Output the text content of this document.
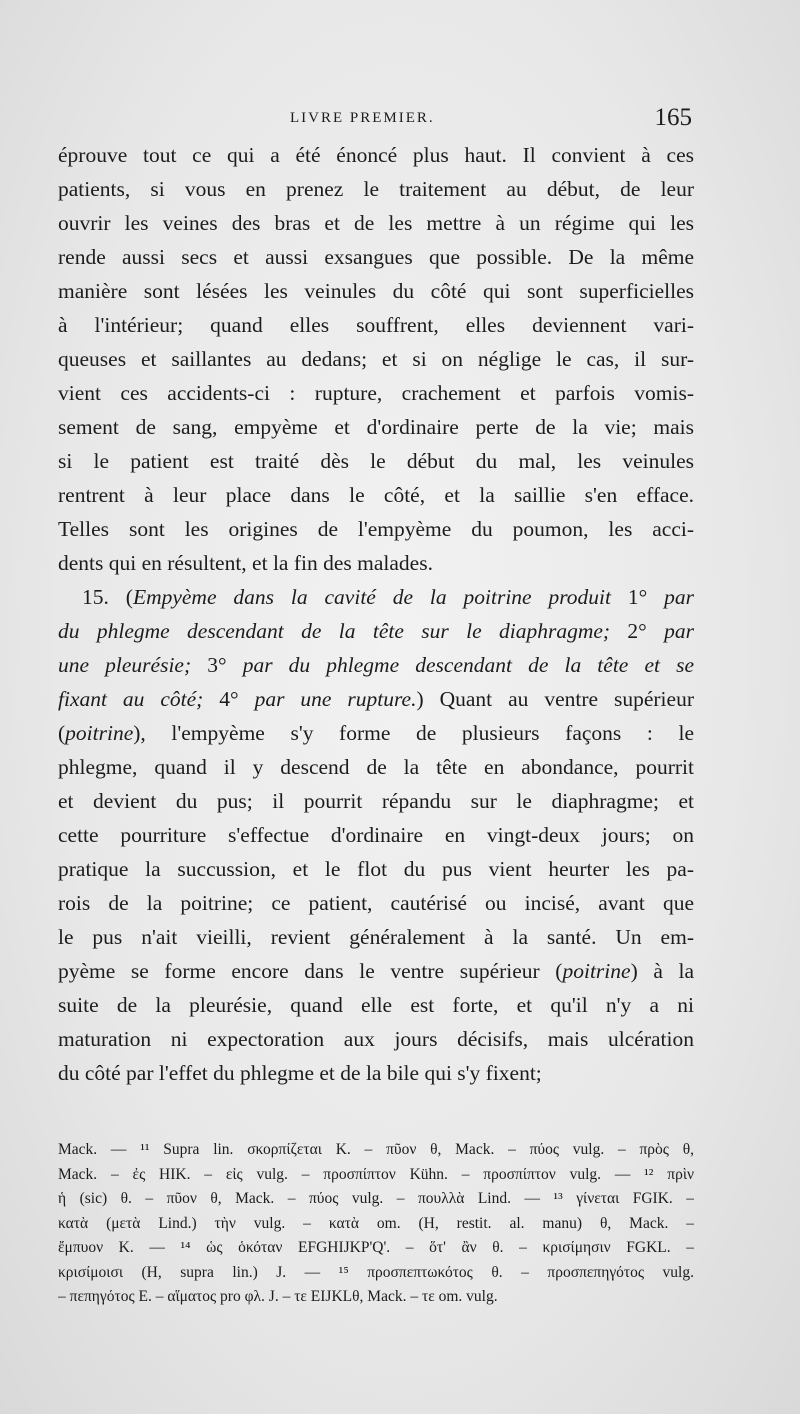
LIVRE PREMIER.	165
éprouve tout ce qui a été énoncé plus haut. Il convient à ces
patients, si vous en prenez le traitement au début, de leur
ouvrir les veines des bras et de les mettre à un régime qui les
rende aussi secs et aussi exsangues que possible. De la même
manière sont lésées les veinules du côté qui sont superficielles
à l'intérieur; quand elles souffrent, elles deviennent vari-
queuses et saillantes au dedans; et si on néglige le cas, il sur-
vient ces accidents-ci : rupture, crachement et parfois vomis-
sement de sang, empyème et d'ordinaire perte de la vie; mais
si le patient est traité dès le début du mal, les veinules
rentrent à leur place dans le côté, et la saillie s'en efface.
Telles sont les origines de l'empyème du poumon, les acci-
dents qui en résultent, et la fin des malades.
15. (Empyème dans la cavité de la poitrine produit 1° par
du phlegme descendant de la tête sur le diaphragme; 2° par
une pleurésie; 3° par du phlegme descendant de la tête et se
fixant au côté; 4° par une rupture.) Quant au ventre supérieur
(poitrine), l'empyème s'y forme de plusieurs façons : le
phlegme, quand il y descend de la tête en abondance, pourrit
et devient du pus; il pourrit répandu sur le diaphragme; et
cette pourriture s'effectue d'ordinaire en vingt-deux jours; on
pratique la succussion, et le flot du pus vient heurter les pa-
rois de la poitrine; ce patient, cautérisé ou incisé, avant que
le pus n'ait vieilli, revient généralement à la santé. Un em-
pyème se forme encore dans le ventre supérieur (poitrine) à la
suite de la pleurésie, quand elle est forte, et qu'il n'y a ni
maturation ni expectoration aux jours décisifs, mais ulcération
du côté par l'effet du phlegme et de la bile qui s'y fixent;
Mack. — ¹¹ Supra lin. σκορπίζεται K. – πῦον θ, Mack. – πύος vulg. – πρὸς θ,
Mack. – ἐς HIK. – εἰς vulg. – προσπίπτον Kühn. – προσπίπτον vulg. — ¹² πρὶν
ἡ (sic) θ. – πῦον θ, Mack. – πύος vulg. – πουλλὰ Lind. — ¹³ γίνεται FGIK. –
κατὰ (μετὰ Lind.) τὴν vulg. – κατὰ om. (H, restit. al. manu) θ, Mack. –
ἔμπυον K. — ¹⁴ ὡς ὁκόταν EFGHIJKP'Q'. – ὅτ' ἂν θ. – κρισίμησιν FGKL. –
κρισίμοισι (H, supra lin.) J. — ¹⁵ προσπεπτωκότος θ. – προσπεπηγότος vulg.
– πεπηγότος E. – αἵματος pro φλ. J. – τε EIJKLθ, Mack. – τε om. vulg.
